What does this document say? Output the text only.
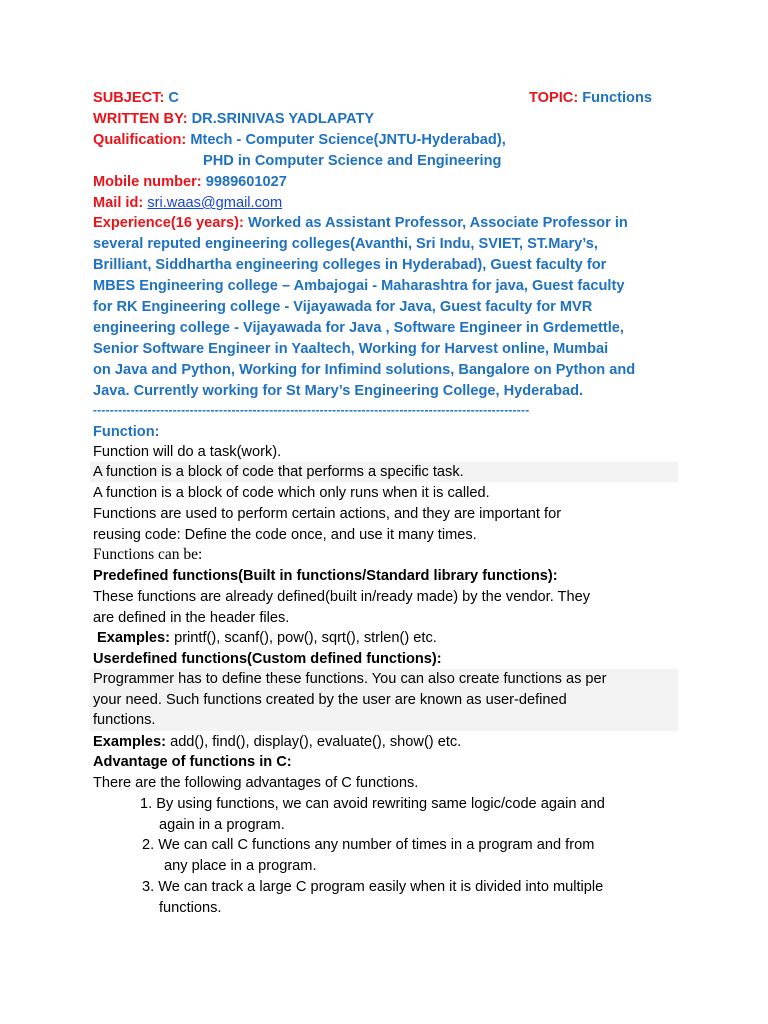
SUBJECT: C	TOPIC: Functions
WRITTEN BY: DR.SRINIVAS YADLAPATY
Qualification: Mtech - Computer Science(JNTU-Hyderabad),
PHD in Computer Science and Engineering
Mobile number: 9989601027
Mail id: sri.waas@gmail.com
Experience(16 years): Worked as Assistant Professor, Associate Professor in
several reputed engineering colleges(Avanthi, Sri Indu, SVIET, ST.Mary’s,
Brilliant, Siddhartha engineering colleges in Hyderabad), Guest faculty for
MBES Engineering college – Ambajogai - Maharashtra for java, Guest faculty
for RK Engineering college - Vijayawada for Java, Guest faculty for MVR
engineering college - Vijayawada for Java , Software Engineer in Grdemettle,
Senior Software Engineer in Yaaltech, Working for Harvest online, Mumbai
on Java and Python, Working for Infimind solutions, Bangalore on Python and
Java. Currently working for St Mary’s Engineering College, Hyderabad.
--------------------------------------------------------------------------------------------------------
Function:
Function will do a task(work).
A function is a block of code that performs a specific task.
A function is a block of code which only runs when it is called.
Functions are used to perform certain actions, and they are important for
reusing code: Define the code once, and use it many times.
Functions can be:
Predefined functions(Built in functions/Standard library functions):
These functions are already defined(built in/ready made) by the vendor. They
are defined in the header files.
Examples: printf(), scanf(), pow(), sqrt(), strlen() etc.
Userdefined functions(Custom defined functions):
Programmer has to define these functions. You can also create functions as per
your need. Such functions created by the user are known as user-defined
functions.
Examples: add(), find(), display(), evaluate(), show() etc.
Advantage of functions in C:
There are the following advantages of C functions.
1. By using functions, we can avoid rewriting same logic/code again and
again in a program.
2. We can call C functions any number of times in a program and from
any place in a program.
3. We can track a large C program easily when it is divided into multiple
functions.
